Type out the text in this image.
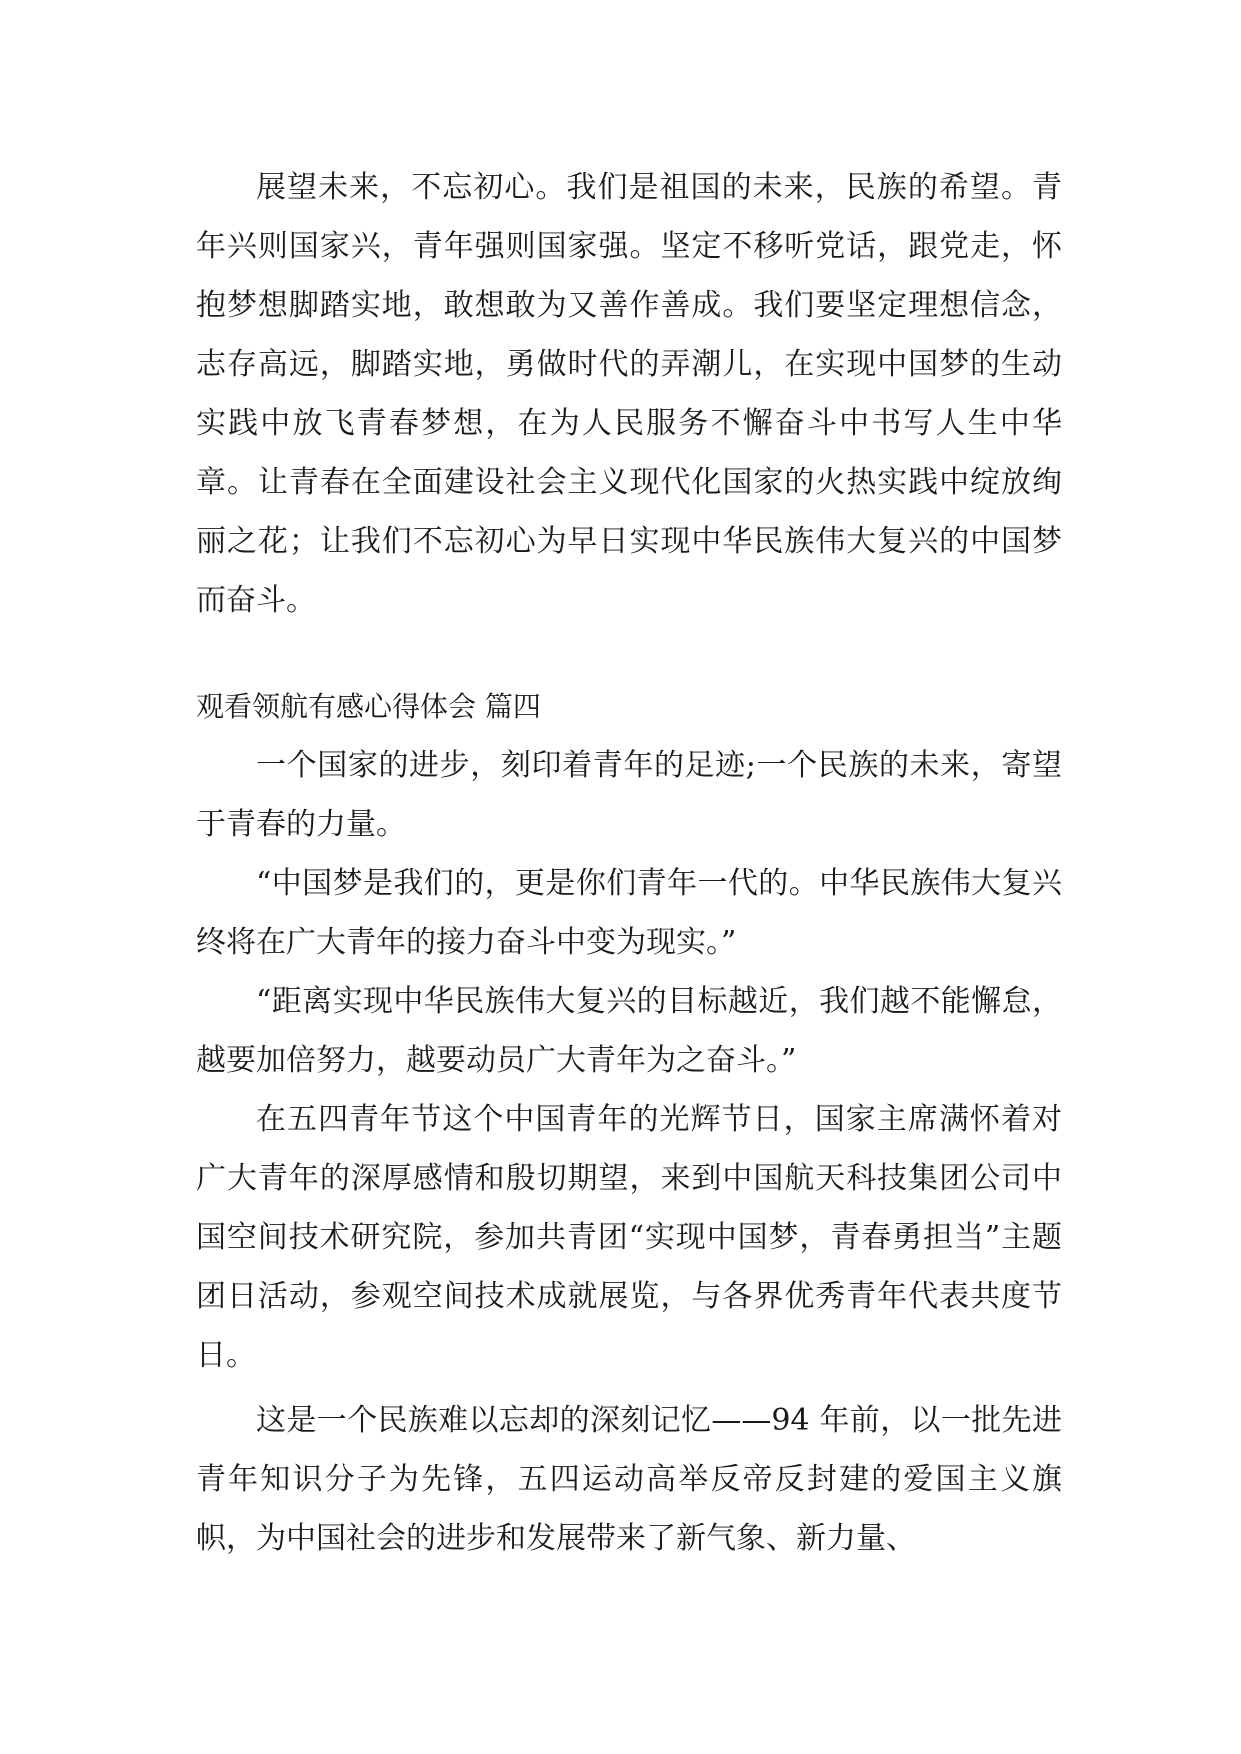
展望未来，不忘初心。我们是祖国的未来，民族的希望。青年兴则国家兴，青年强则国家强。坚定不移听党话，跟党走，怀抱梦想脚踏实地，敢想敢为又善作善成。我们要坚定理想信念，志存高远，脚踏实地，勇做时代的弄潮儿，在实现中国梦的生动实践中放飞青春梦想，在为人民服务不懈奋斗中书写人生中华章。让青春在全面建设社会主义现代化国家的火热实践中绽放绚丽之花；让我们不忘初心为早日实现中华民族伟大复兴的中国梦而奋斗。

观看领航有感心得体会 篇四

一个国家的进步，刻印着青年的足迹;一个民族的未来，寄望于青春的力量。

“中国梦是我们的，更是你们青年一代的。中华民族伟大复兴终将在广大青年的接力奋斗中变为现实。”

“距离实现中华民族伟大复兴的目标越近，我们越不能懈怠，越要加倍努力，越要动员广大青年为之奋斗。”

在五四青年节这个中国青年的光辉节日，国家主席满怀着对广大青年的深厚感情和殷切期望，来到中国航天科技集团公司中国空间技术研究院，参加共青团“实现中国梦，青春勇担当”主题团日活动，参观空间技术成就展览，与各界优秀青年代表共度节日。

这是一个民族难以忘却的深刻记忆——94 年前，以一批先进青年知识分子为先锋，五四运动高举反帝反封建的爱国主义旗帜，为中国社会的进步和发展带来了新气象、新力量、
